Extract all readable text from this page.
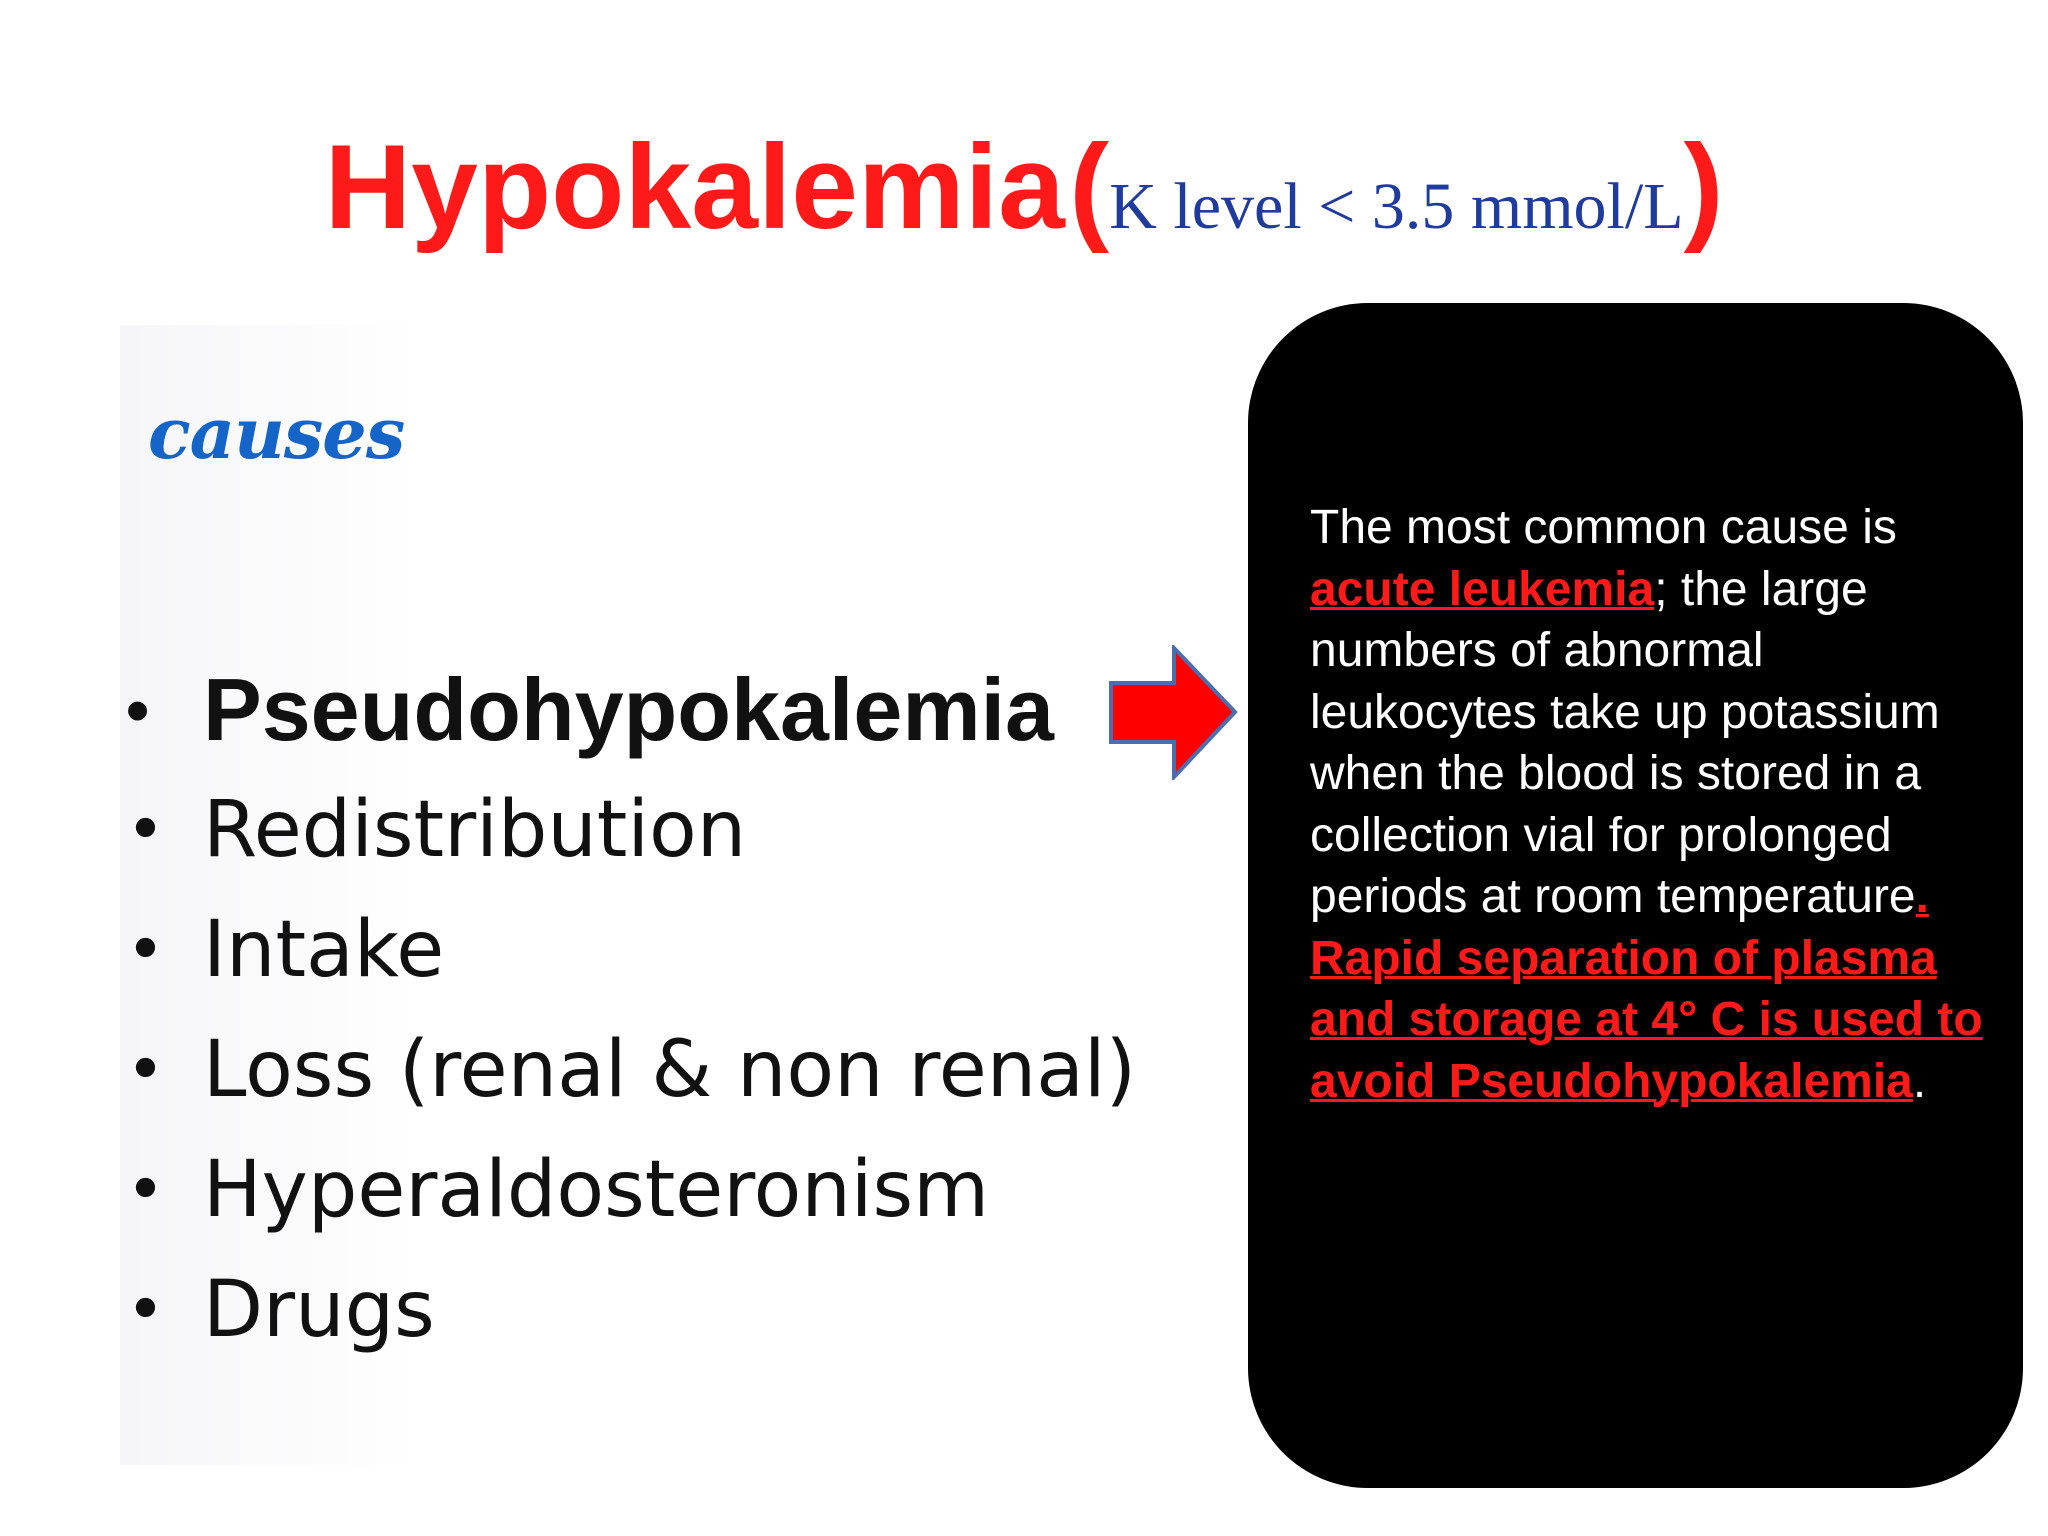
Hypokalemia (K level < 3.5 mmol/L)
causes
• Pseudohypokalemia
• Redistribution
• Intake
• Loss (renal & non renal)
• Hyperaldosteronism
• Drugs
The most common cause is acute leukemia; the large numbers of abnormal leukocytes take up potassium when the blood is stored in a collection vial for prolonged periods at room temperature. Rapid separation of plasma and storage at 4° C is used to avoid Pseudohypokalemia.
